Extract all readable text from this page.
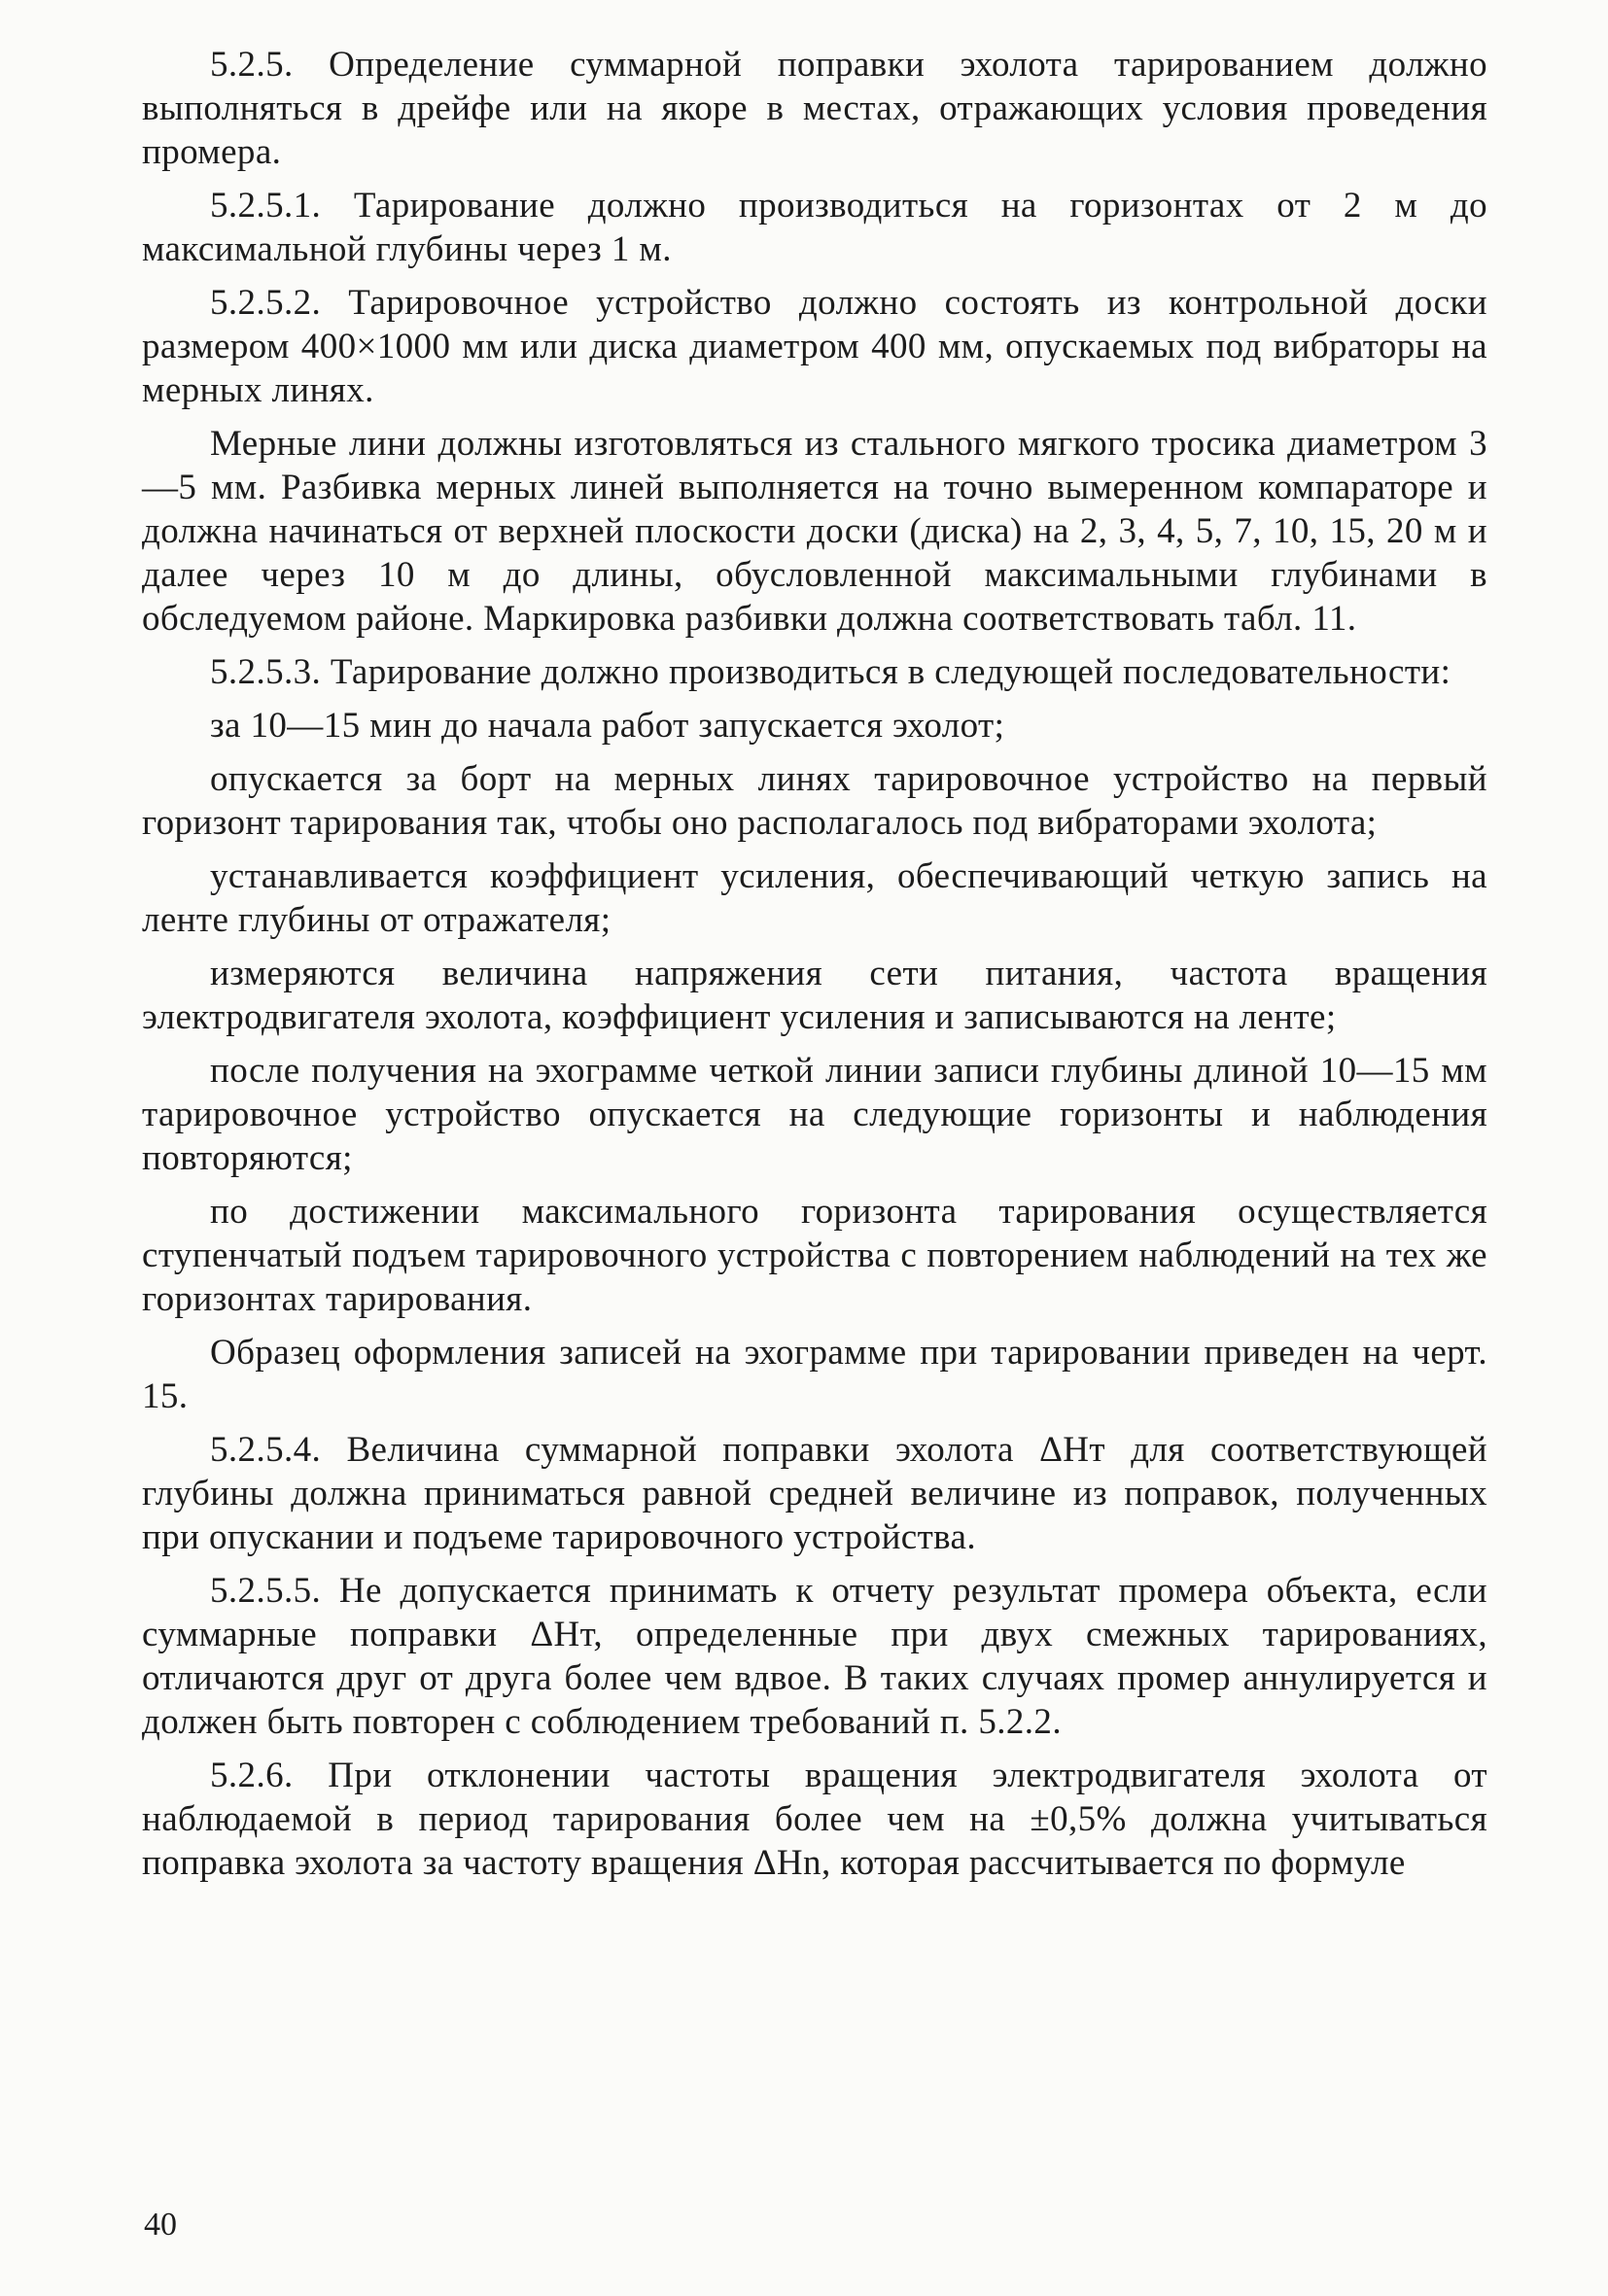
5.2.5. Определение суммарной поправки эхолота тарированием должно выполняться в дрейфе или на якоре в местах, отражающих условия проведения промера.

5.2.5.1. Тарирование должно производиться на горизонтах от 2 м до максимальной глубины через 1 м.

5.2.5.2. Тарировочное устройство должно состоять из контрольной доски размером 400×1000 мм или диска диаметром 400 мм, опускаемых под вибраторы на мерных линях.

Мерные лини должны изготовляться из стального мягкого тросика диаметром 3—5 мм. Разбивка мерных линей выполняется на точно вымеренном компараторе и должна начинаться от верхней плоскости доски (диска) на 2, 3, 4, 5, 7, 10, 15, 20 м и далее через 10 м до длины, обусловленной максимальными глубинами в обследуемом районе. Маркировка разбивки должна соответствовать табл. 11.

5.2.5.3. Тарирование должно производиться в следующей последовательности:

за 10—15 мин до начала работ запускается эхолот;

опускается за борт на мерных линях тарировочное устройство на первый горизонт тарирования так, чтобы оно располагалось под вибраторами эхолота;

устанавливается коэффициент усиления, обеспечивающий четкую запись на ленте глубины от отражателя;

измеряются величина напряжения сети питания, частота вращения электродвигателя эхолота, коэффициент усиления и записываются на ленте;

после получения на эхограмме четкой линии записи глубины длиной 10—15 мм тарировочное устройство опускается на следующие горизонты и наблюдения повторяются;

по достижении максимального горизонта тарирования осуществляется ступенчатый подъем тарировочного устройства с повторением наблюдений на тех же горизонтах тарирования.

Образец оформления записей на эхограмме при тарировании приведен на черт. 15.

5.2.5.4. Величина суммарной поправки эхолота ΔHт для соответствующей глубины должна приниматься равной средней величине из поправок, полученных при опускании и подъеме тарировочного устройства.

5.2.5.5. Не допускается принимать к отчету результат промера объекта, если суммарные поправки ΔHт, определенные при двух смежных тарированиях, отличаются друг от друга более чем вдвое. В таких случаях промер аннулируется и должен быть повторен с соблюдением требований п. 5.2.2.

5.2.6. При отклонении частоты вращения электродвигателя эхолота от наблюдаемой в период тарирования более чем на ±0,5% должна учитываться поправка эхолота за частоту вращения ΔHn, которая рассчитывается по формуле

40
